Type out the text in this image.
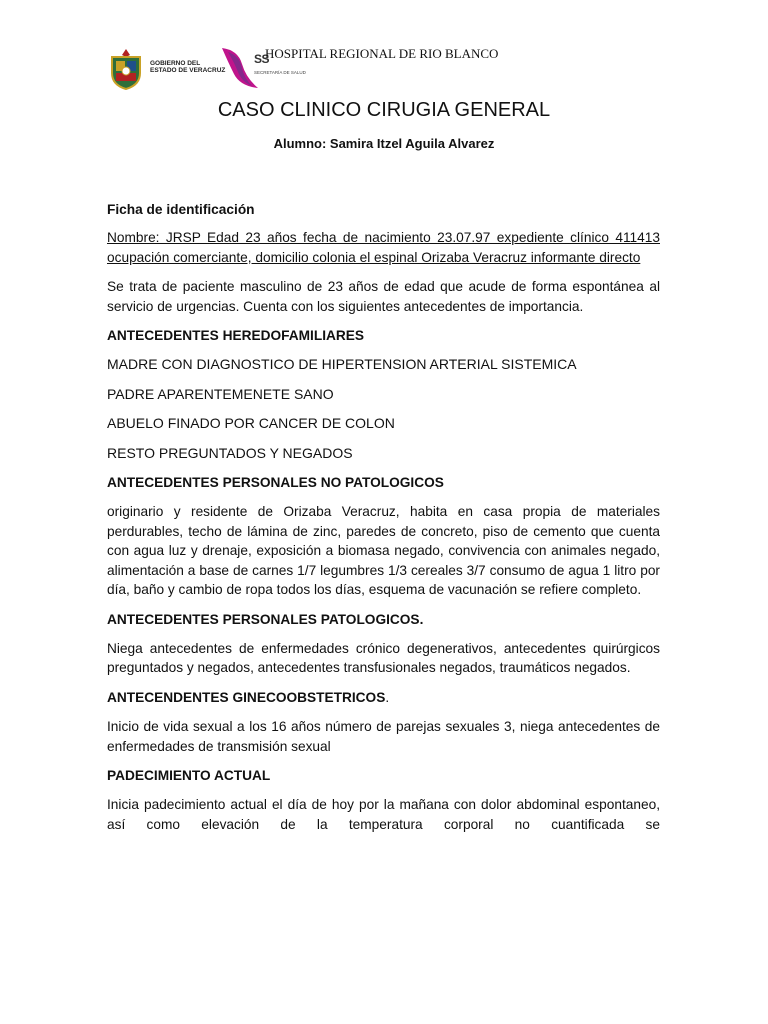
GOBIERNO DEL
ESTADO DE VERACRUZ
SS
SECRETARÍA DE SALUD
HOSPITAL REGIONAL DE RIO BLANCO
CASO CLINICO CIRUGIA GENERAL
Alumno: Samira Itzel Aguila Alvarez

Ficha de identificación

Nombre: JRSP Edad 23 años fecha de nacimiento 23.07.97 expediente clínico 411413 ocupación comerciante, domicilio colonia el espinal Orizaba Veracruz informante directo

Se trata de paciente masculino de 23 años de edad que acude de forma espontánea al servicio de urgencias. Cuenta con los siguientes antecedentes de importancia.

ANTECEDENTES HEREDOFAMILIARES

MADRE CON DIAGNOSTICO DE HIPERTENSION ARTERIAL SISTEMICA

PADRE APARENTEMENETE SANO

ABUELO FINADO POR CANCER DE COLON

RESTO PREGUNTADOS Y NEGADOS

ANTECEDENTES PERSONALES NO PATOLOGICOS

originario y residente de Orizaba Veracruz, habita en casa propia de materiales perdurables, techo de lámina de zinc, paredes de concreto, piso de cemento que cuenta con agua luz y drenaje, exposición a biomasa negado, convivencia con animales negado, alimentación a base de carnes 1/7 legumbres 1/3 cereales 3/7 consumo de agua 1 litro por día, baño y cambio de ropa todos los días, esquema de vacunación se refiere completo.

ANTECEDENTES PERSONALES PATOLOGICOS.

Niega antecedentes de enfermedades crónico degenerativos, antecedentes quirúrgicos preguntados y negados, antecedentes transfusionales negados, traumáticos negados.

ANTECENDENTES GINECOOBSTETRICOS.

Inicio de vida sexual a los 16 años número de parejas sexuales 3, niega antecedentes de enfermedades de transmisión sexual

PADECIMIENTO ACTUAL

Inicia padecimiento actual el día de hoy por la mañana con dolor abdominal espontaneo, así como elevación de la temperatura corporal no cuantificada se
